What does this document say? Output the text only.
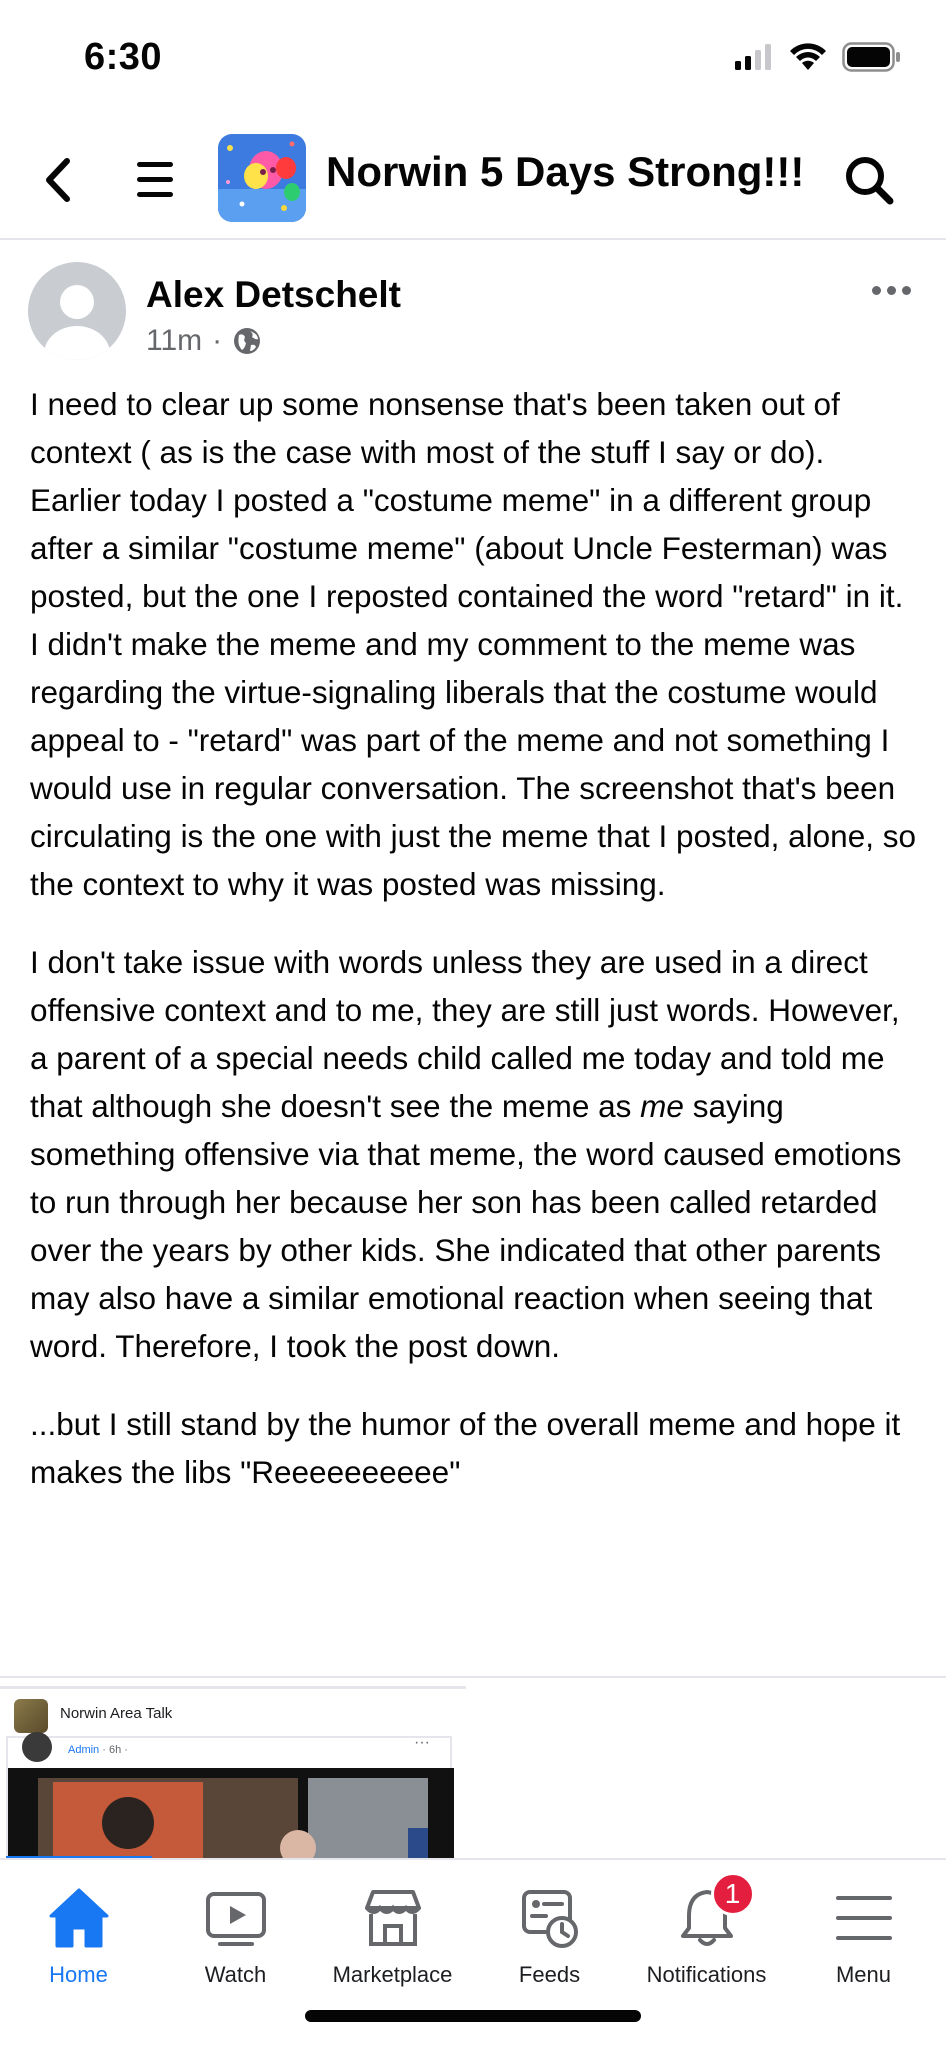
6:30
Norwin 5 Days Strong!!!
Alex Detschelt
11m ·

I need to clear up some nonsense that's been taken out of context ( as is the case with most of the stuff I say or do). Earlier today I posted a "costume meme" in a different group after a similar "costume meme" (about Uncle Festerman) was posted, but the one I reposted contained the word "retard" in it. I didn't make the meme and my comment to the meme was regarding the virtue-signaling liberals that the costume would appeal to - "retard" was part of the meme and not something I would use in regular conversation. The screenshot that's been circulating is the one with just the meme that I posted, alone, so the context to why it was posted was missing.

I don't take issue with words unless they are used in a direct offensive context and to me, they are still just words. However, a parent of a special needs child called me today and told me that although she doesn't see the meme as me saying something offensive via that meme, the word caused emotions to run through her because her son has been called retarded over the years by other kids. She indicated that other parents may also have a similar emotional reaction when seeing that word. Therefore, I took the post down.

...but I still stand by the humor of the overall meme and hope it makes the libs "Reeeeeeeeee"

Norwin Area Talk
Admin · 6h ·	···
Home	Watch	Marketplace	Feeds
1
Notifications	Menu
